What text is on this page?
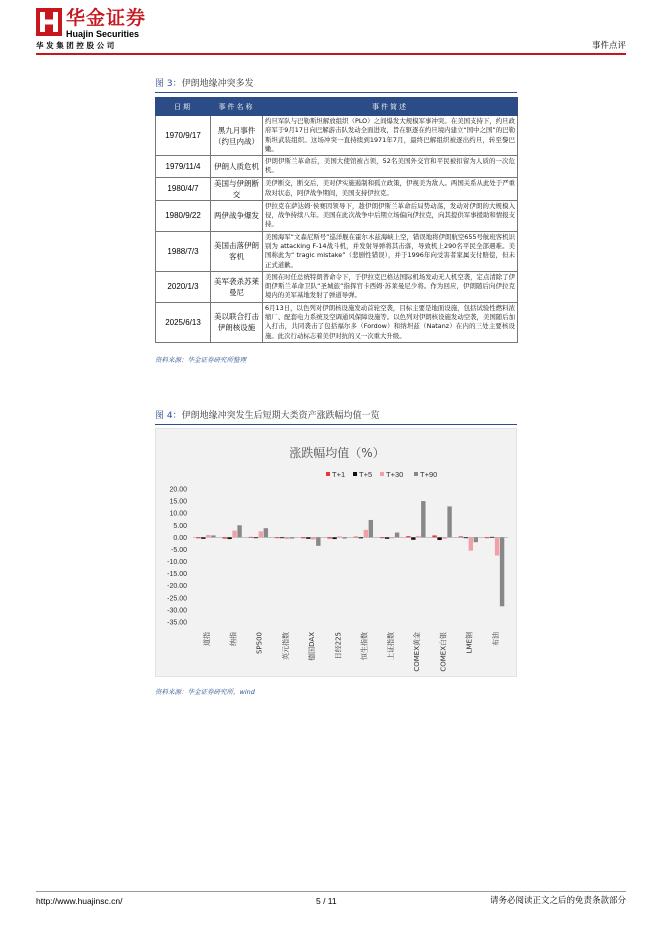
华金证券
Huajin Securities
华发集团控股公司	事件点评
图 3：伊朗地缘冲突多发
日期	事件名称	事件简述
1970/9/17	黑九月事件（约旦内战）	约旦军队与巴勒斯坦解放组织（PLO）之间爆发大规模军事冲突。在美国支持下，约旦政府军于9月17日向巴解游击队发动全面进攻，旨在驱逐在约旦境内建立“国中之国”的巴勒斯坦武装组织。这场冲突一直持续到1971年7月，最终巴解组织被逐出约旦，转至黎巴嫩。
1979/11/4	伊朗人质危机	伊朗伊斯兰革命后，美国大使馆被占领，52名美国外交官和平民被扣留为人质的一次危机。
1980/4/7	美国与伊朗断交	美伊断交，断交后，美对伊实施遏制和孤立政策，伊视美为敌人。两国关系从此处于严重敌对状态，阿伊战争期间，美国支持伊拉克。
1980/9/22	两伊战争爆发	伊拉克在萨达姆·侯赛因领导下，趁伊朗伊斯兰革命后局势动荡，发动对伊朗的大规模入侵，战争持续八年。美国在此次战争中后期立场偏向伊拉克，向其提供军事援助和情报支持。
1988/7/3	美国击落伊朗客机	美国海军“文森尼斯号”巡洋舰在霍尔木兹海峡上空，错误地将伊朗航空655号航班客机识别为 attacking F-14战斗机，并发射导弹将其击落，导致机上290名平民全部遇难。美国称此为“ tragic mistake”（悲剧性错误），并于1996年向受害者家属支付赔偿，但未正式道歉。
2020/1/3	美军袭杀苏莱曼尼	美国在时任总统特朗普命令下，于伊拉克巴格达国际机场发动无人机空袭，定点清除了伊朗伊斯兰革命卫队“圣城旅”指挥官卡西姆·苏莱曼尼少将。作为回应，伊朗随后向伊拉克境内的美军基地发射了弹道导弹。
2025/6/13	美以联合打击伊朗核设施	6月13日，以色列对伊朗核设施发动首轮空袭，目标主要是地面设施，包括试验性燃料浓缩厂、配套电力系统及空调通风保障设施等。以色列对伊朗核设施发动空袭，美国随后加入打击，共同袭击了包括福尔多（Fordow）和纳坦兹（Natanz）在内的三处主要核设施。此次行动标志着美伊对抗的又一次重大升级。
资料来源：华金证券研究所整理
图 4：伊朗地缘冲突发生后短期大类资产涨跌幅均值一览
涨跌幅均值（%）
T+1 T+5 T+30 T+90
20.00
15.00
10.00
5.00
0.00
-5.00
-10.00
-15.00
-20.00
-25.00
-30.00
-35.00
道指	纳指	SP500	英元指数	德国DAX	日经225	恒生指数	上证指数	COMEX黄金	COMEX白银	LME铜	布油
资料来源：华金证券研究所，wind
http://www.huajinsc.cn/	5 / 11	请务必阅读正文之后的免责条款部分
